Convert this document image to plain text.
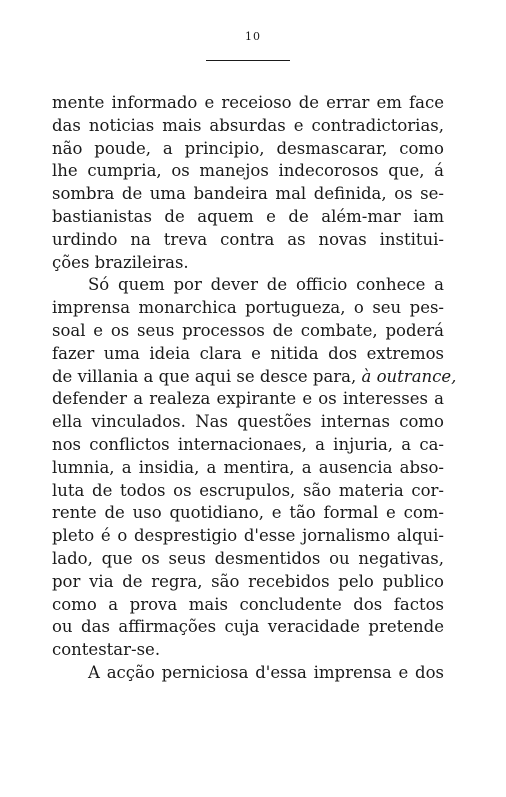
10
mente informado e receioso de errar em face
das noticias mais absurdas e contradictorias,
não poude, a principio, desmascarar, como
lhe cumpria, os manejos indecorosos que, á
sombra de uma bandeira mal definida, os se-
bastianistas de aquem e de além-mar iam
urdindo na treva contra as novas institui-
ções brazileiras.
Só quem por dever de officio conhece a
imprensa monarchica portugueza, o seu pes-
soal e os seus processos de combate, poderá
fazer uma ideia clara e nitida dos extremos
de villania a que aqui se desce para, à outrance,
defender a realeza expirante e os interesses a
ella vinculados. Nas questões internas como
nos conflictos internacionaes, a injuria, a ca-
lumnia, a insidia, a mentira, a ausencia abso-
luta de todos os escrupulos, são materia cor-
rente de uso quotidiano, e tão formal e com-
pleto é o desprestigio d'esse jornalismo alqui-
lado, que os seus desmentidos ou negativas,
por via de regra, são recebidos pelo publico
como a prova mais concludente dos factos
ou das affirmações cuja veracidade pretende
contestar-se.
A acção perniciosa d'essa imprensa e dos
